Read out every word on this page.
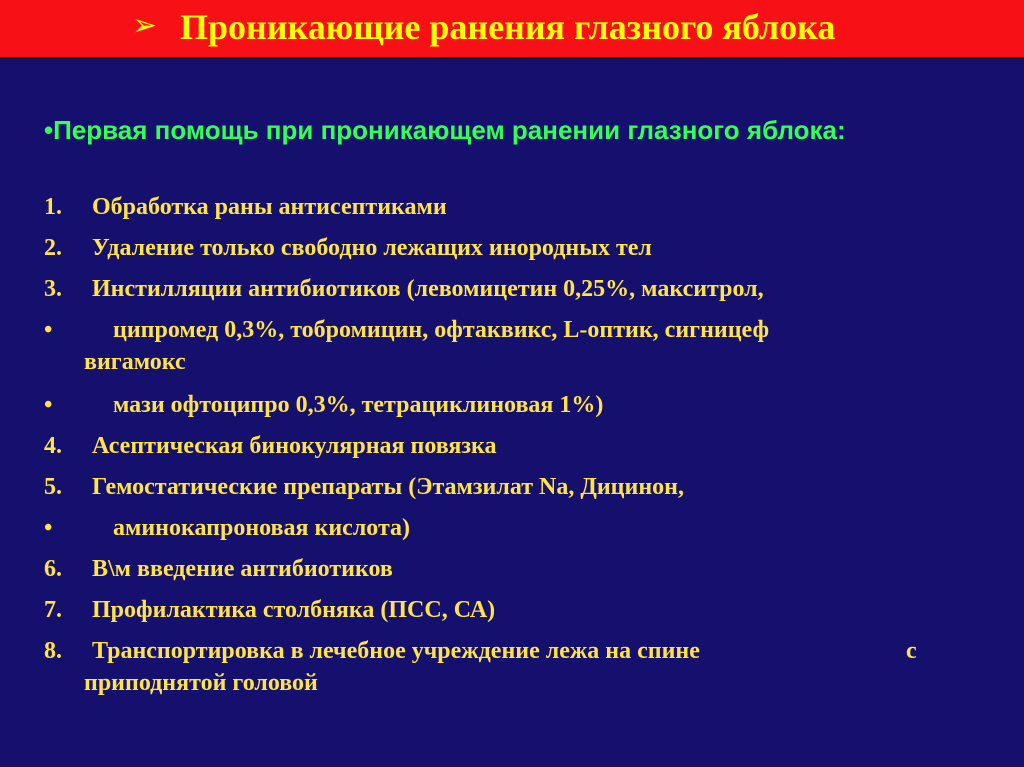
➢ Проникающие ранения глазного яблока
•Первая помощь при проникающем ранении глазного яблока:
1. Обработка раны антисептиками
2. Удаление только свободно лежащих инородных тел
3. Инстилляции антибиотиков (левомицетин 0,25%, макситрол,
•	ципромед 0,3%, тобромицин, офтаквикс, L-оптик, сигницеф
вигамокс
•	мази офтоципро 0,3%, тетрациклиновая 1%)
4. Асептическая бинокулярная повязка
5. Гемостатические препараты (Этамзилат Na, Дицинон,
•	аминокапроновая кислота)
6. В\м введение антибиотиков
7. Профилактика столбняка (ПСС, СА)
8. Транспортировка в лечебное учреждение лежа на спине	с
приподнятой головой
